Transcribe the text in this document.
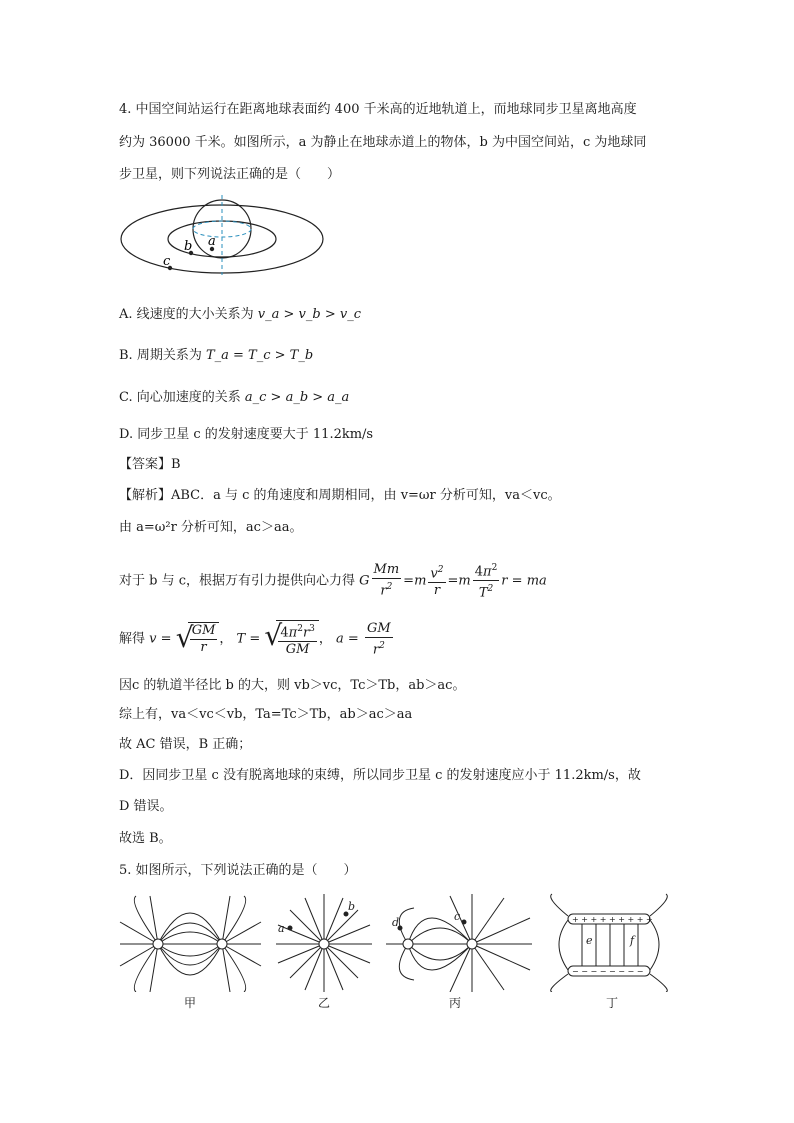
4. 中国空间站运行在距离地球表面约 400 千米高的近地轨道上，而地球同步卫星离地高度
约为 36000 千米。如图所示，a 为静止在地球赤道上的物体，b 为中国空间站，c 为地球同
步卫星，则下列说法正确的是（　　）
a
b
c
A. 线速度的大小关系为 v_a > v_b > v_c
B. 周期关系为 T_a = T_c > T_b
C. 向心加速度的关系 a_c > a_b > a_a
D. 同步卫星 c 的发射速度要大于 11.2km/s
【答案】B
【解析】ABC．a 与 c 的角速度和周期相同，由 v=ωr 分析可知，va＜vc。
由 a=ω²r 分析可知，ac＞aa。
对于 b 与 c，根据万有引力提供向心力得 G $\frac{Mm}{r^2} =m \frac{v^2}{r} =m \frac{4\pi^2}{T^2}$ r = ma
解得 v = √ $\frac{GM}{r}$ ， T = √ $\frac{4\pi^2r^3}{GM}$ ， $a = \frac{GM}{r^2}$
因c 的轨道半径比 b 的大，则 vb＞vc，Tc＞Tb，ab＞ac。
综上有，va＜vc＜vb，Ta=Tc＞Tb，ab＞ac＞aa
故 AC 错误，B 正确；
D．因同步卫星 c 没有脱离地球的束缚，所以同步卫星 c 的发射速度应小于 11.2km/s，故
D 错误。
故选 B。
5. 如图所示，下列说法正确的是（　　）
甲
a
b
乙
d	c
丙
+ + + + + + + + +
− − − − − − − −
e	f
丁
